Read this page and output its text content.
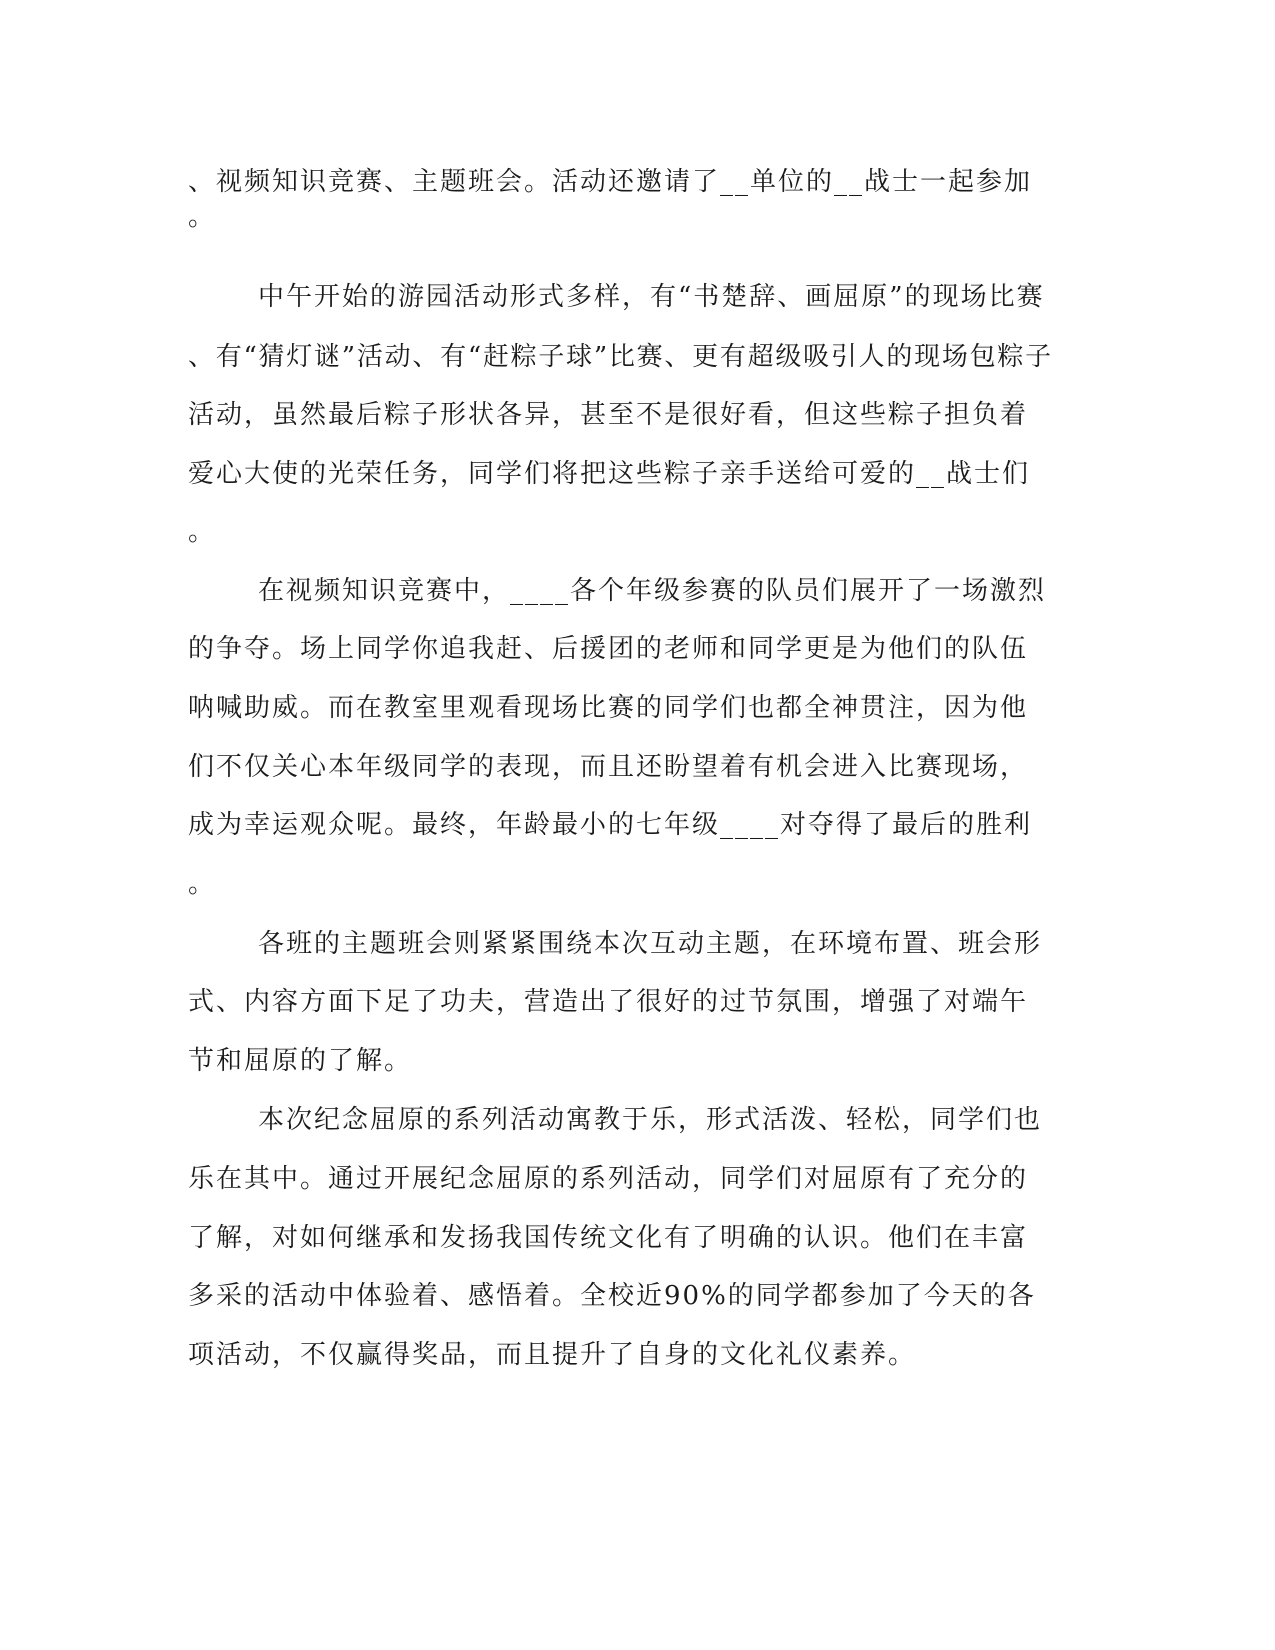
、视频知识竞赛、主题班会。活动还邀请了__单位的__战士一起参加

。

中午开始的游园活动形式多样，有“书楚辞、画屈原”的现场比赛

、有“猜灯谜”活动、有“赶粽子球”比赛、更有超级吸引人的现场包粽子

活动，虽然最后粽子形状各异，甚至不是很好看，但这些粽子担负着

爱心大使的光荣任务，同学们将把这些粽子亲手送给可爱的__战士们

。

在视频知识竞赛中，____各个年级参赛的队员们展开了一场激烈

的争夺。场上同学你追我赶、后援团的老师和同学更是为他们的队伍

呐喊助威。而在教室里观看现场比赛的同学们也都全神贯注，因为他

们不仅关心本年级同学的表现，而且还盼望着有机会进入比赛现场，

成为幸运观众呢。最终，年龄最小的七年级____对夺得了最后的胜利

。

各班的主题班会则紧紧围绕本次互动主题，在环境布置、班会形

式、内容方面下足了功夫，营造出了很好的过节氛围，增强了对端午

节和屈原的了解。

本次纪念屈原的系列活动寓教于乐，形式活泼、轻松，同学们也

乐在其中。通过开展纪念屈原的系列活动，同学们对屈原有了充分的

了解，对如何继承和发扬我国传统文化有了明确的认识。他们在丰富

多采的活动中体验着、感悟着。全校近90%的同学都参加了今天的各

项活动，不仅赢得奖品，而且提升了自身的文化礼仪素养。
